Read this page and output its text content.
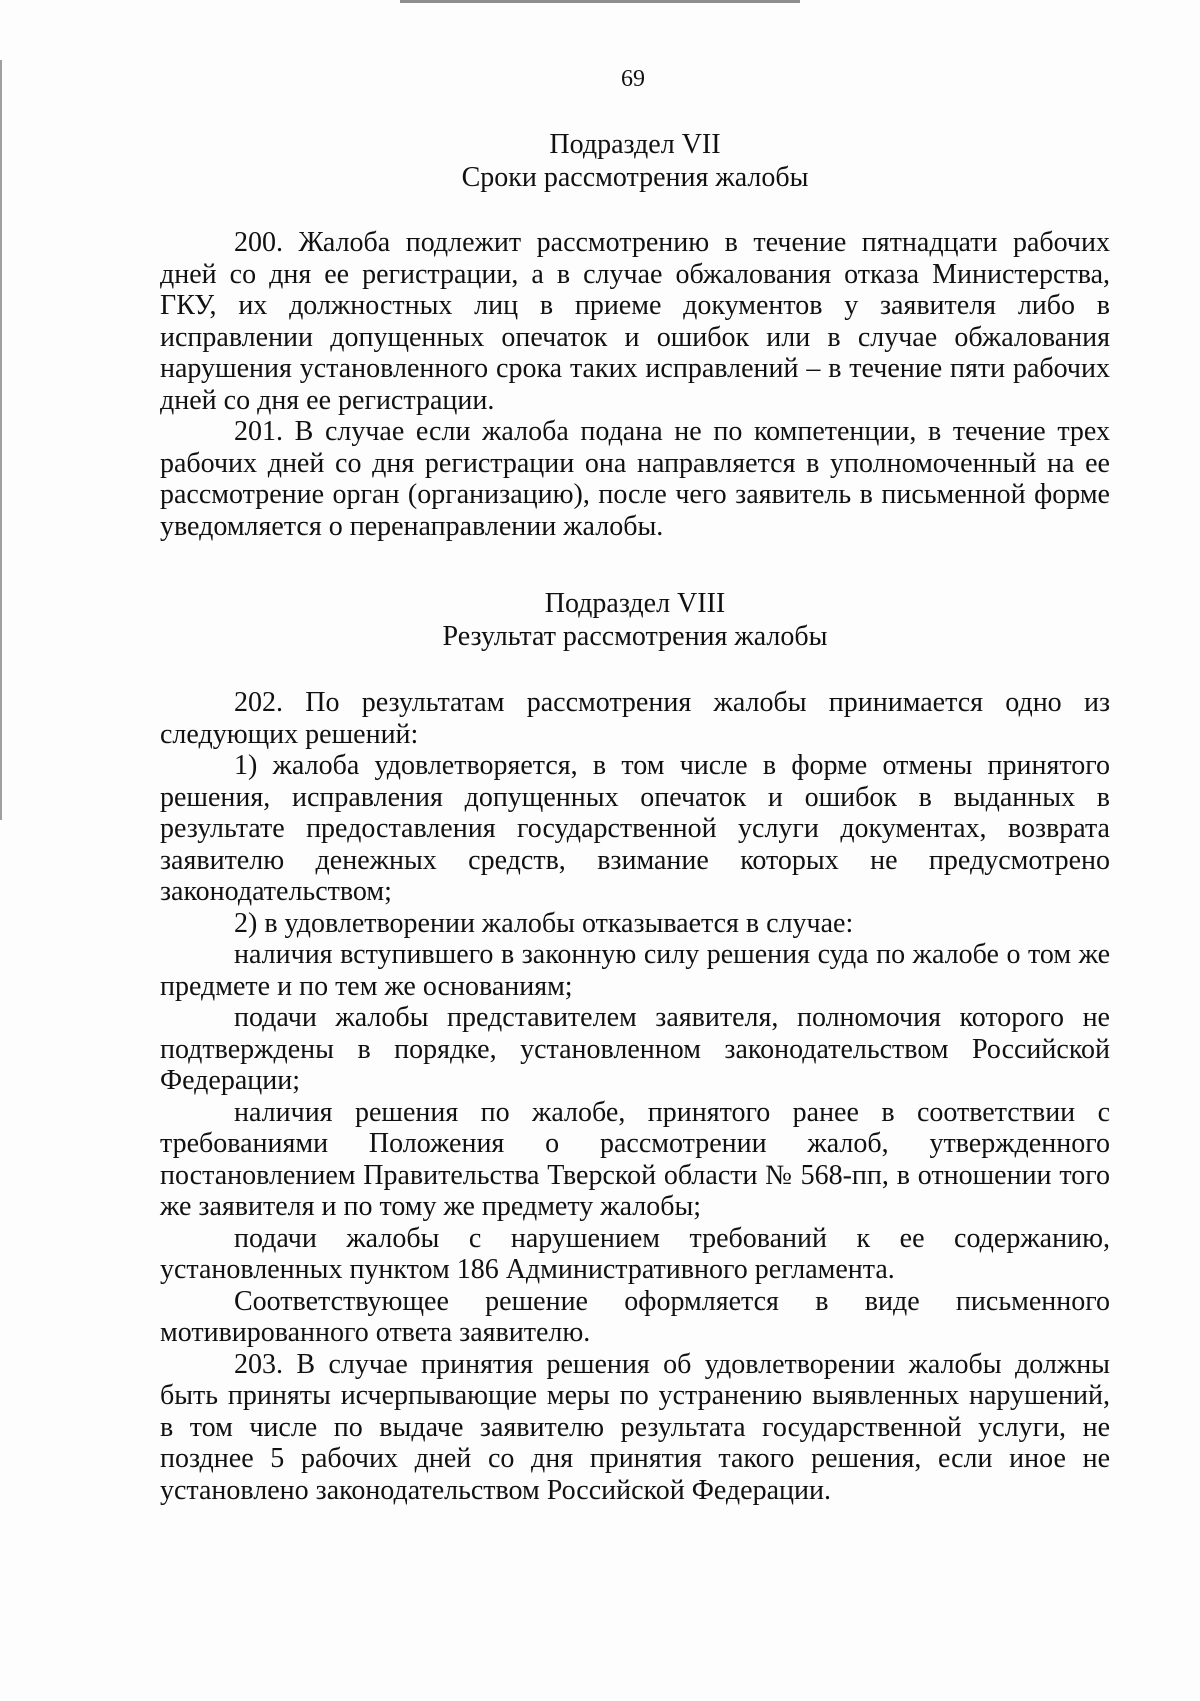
69
Подраздел VII
Сроки рассмотрения жалобы

200. Жалоба подлежит рассмотрению в течение пятнадцати рабочих дней со дня ее регистрации, а в случае обжалования отказа Министерства, ГКУ, их должностных лиц в приеме документов у заявителя либо в исправлении допущенных опечаток и ошибок или в случае обжалования нарушения установленного срока таких исправлений – в течение пяти рабочих дней со дня ее регистрации.

201. В случае если жалоба подана не по компетенции, в течение трех рабочих дней со дня регистрации она направляется в уполномоченный на ее рассмотрение орган (организацию), после чего заявитель в письменной форме уведомляется о перенаправлении жалобы.

Подраздел VIII
Результат рассмотрения жалобы

202. По результатам рассмотрения жалобы принимается одно из следующих решений:

1) жалоба удовлетворяется, в том числе в форме отмены принятого решения, исправления допущенных опечаток и ошибок в выданных в результате предоставления государственной услуги документах, возврата заявителю денежных средств, взимание которых не предусмотрено законодательством;

2) в удовлетворении жалобы отказывается в случае:

наличия вступившего в законную силу решения суда по жалобе о том же предмете и по тем же основаниям;

подачи жалобы представителем заявителя, полномочия которого не подтверждены в порядке, установленном законодательством Российской Федерации;

наличия решения по жалобе, принятого ранее в соответствии с требованиями Положения о рассмотрении жалоб, утвержденного постановлением Правительства Тверской области № 568-пп, в отношении того же заявителя и по тому же предмету жалобы;

подачи жалобы с нарушением требований к ее содержанию, установленных пунктом 186 Административного регламента.

Соответствующее решение оформляется в виде письменного мотивированного ответа заявителю.

203. В случае принятия решения об удовлетворении жалобы должны быть приняты исчерпывающие меры по устранению выявленных нарушений, в том числе по выдаче заявителю результата государственной услуги, не позднее 5 рабочих дней со дня принятия такого решения, если иное не установлено законодательством Российской Федерации.
